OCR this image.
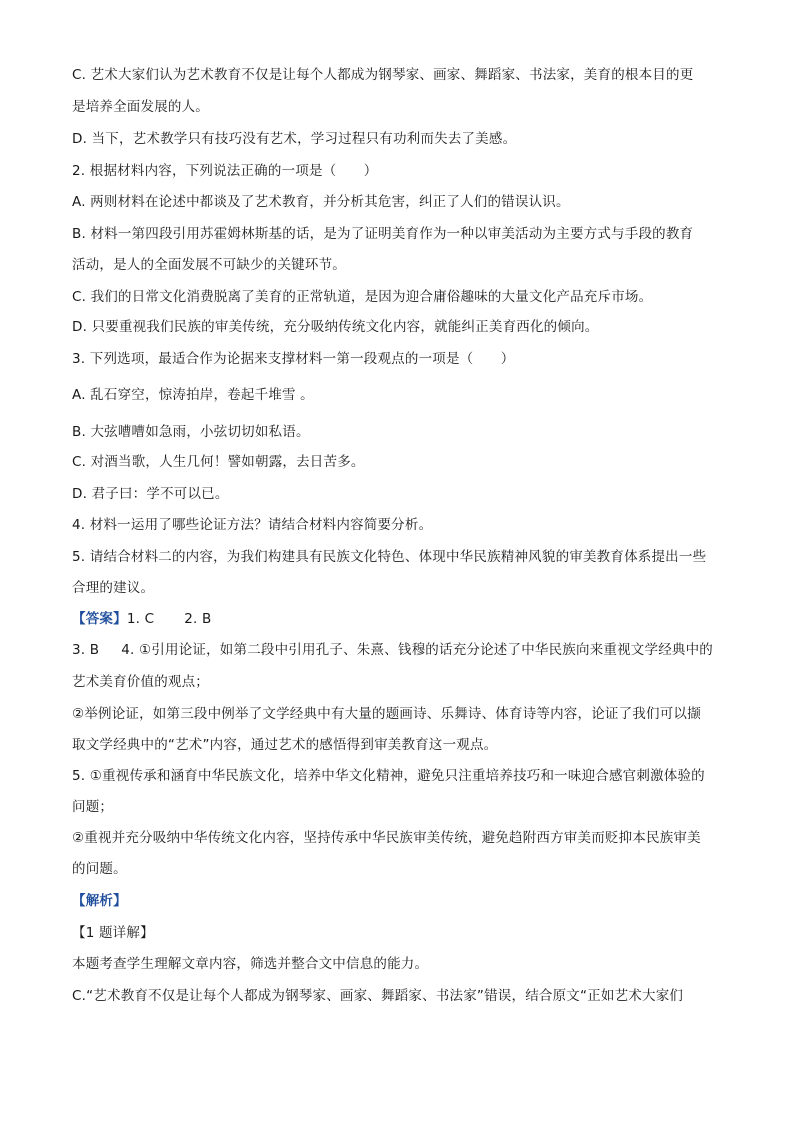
C. 艺术大家们认为艺术教育不仅是让每个人都成为钢琴家、画家、舞蹈家、书法家，美育的根本目的更
是培养全面发展的人。
D. 当下，艺术教学只有技巧没有艺术，学习过程只有功利而失去了美感。
2. 根据材料内容，下列说法正确的一项是（　　）
A. 两则材料在论述中都谈及了艺术教育，并分析其危害，纠正了人们的错误认识。
B. 材料一第四段引用苏霍姆林斯基的话，是为了证明美育作为一种以审美活动为主要方式与手段的教育
活动，是人的全面发展不可缺少的关键环节。
C. 我们的日常文化消费脱离了美育的正常轨道，是因为迎合庸俗趣味的大量文化产品充斥市场。
D. 只要重视我们民族的审美传统，充分吸纳传统文化内容，就能纠正美育西化的倾向。
3. 下列选项，最适合作为论据来支撑材料一第一段观点的一项是（　　）
A. 乱石穿空，惊涛拍岸，卷起千堆雪 。
B. 大弦嘈嘈如急雨，小弦切切如私语。
C. 对酒当歌，人生几何！譬如朝露，去日苦多。
D. 君子曰：学不可以已。
4. 材料一运用了哪些论证方法？请结合材料内容简要分析。
5. 请结合材料二的内容，为我们构建具有民族文化特色、体现中华民族精神风貌的审美教育体系提出一些
合理的建议。
【答案】1. C 2. B
3. B 4. ①引用论证，如第二段中引用孔子、朱熹、钱穆的话充分论述了中华民族向来重视文学经典中的
艺术美育价值的观点；
②举例论证，如第三段中例举了文学经典中有大量的题画诗、乐舞诗、体育诗等内容，论证了我们可以撷
取文学经典中的“艺术”内容，通过艺术的感悟得到审美教育这一观点。
5. ①重视传承和涵育中华民族文化，培养中华文化精神，避免只注重培养技巧和一味迎合感官刺激体验的
问题；
②重视并充分吸纳中华传统文化内容，坚持传承中华民族审美传统，避免趋附西方审美而贬抑本民族审美
的问题。
【解析】
【1 题详解】
本题考查学生理解文章内容，筛选并整合文中信息的能力。
C.“艺术教育不仅是让每个人都成为钢琴家、画家、舞蹈家、书法家”错误，结合原文“正如艺术大家们
